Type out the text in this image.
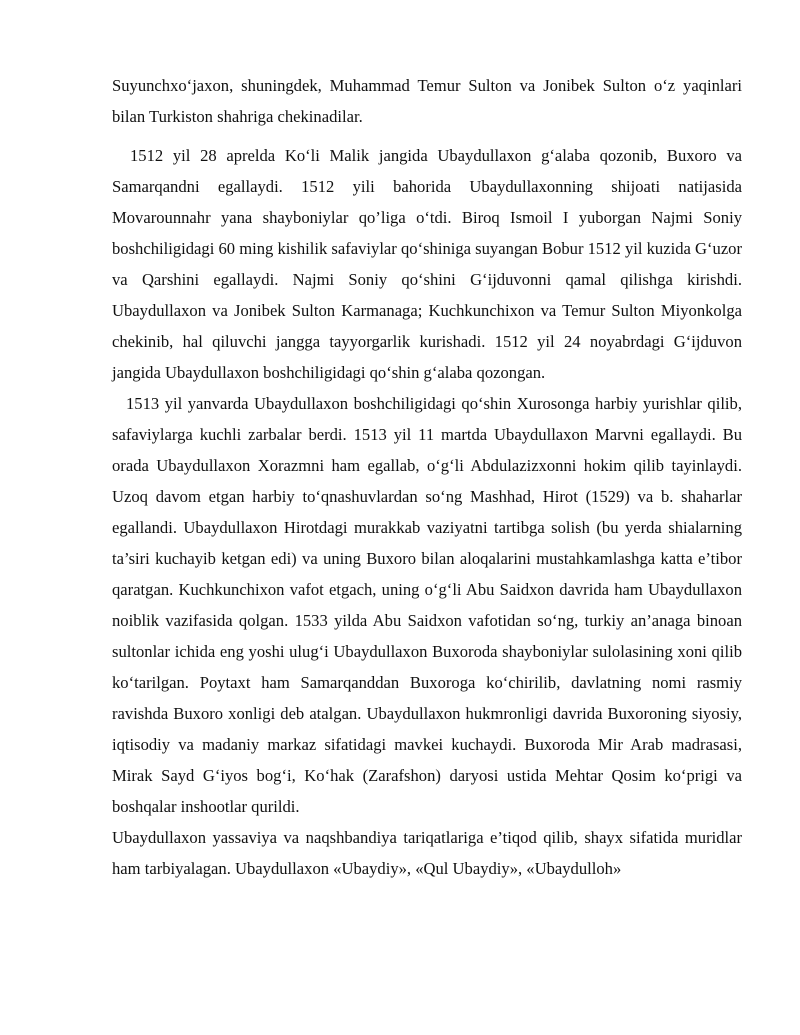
Suyunchxo‘jaxon, shuningdek, Muhammad Temur Sulton va Jonibek Sulton o‘z yaqinlari bilan Turkiston shahriga chekinadilar.

1512 yil 28 aprelda Ko‘li Malik jangida Ubaydullaxon g‘alaba qozonib, Buxoro va Samarqandni egallaydi. 1512 yili bahorida Ubaydullaxonning shijoati natijasida Movarounnahr yana shayboniylar qo’liga o‘tdi. Biroq Ismoil I yuborgan Najmi Soniy boshchiligidagi 60 ming kishilik safaviylar qo‘shiniga suyangan Bobur 1512 yil kuzida G‘uzor va Qarshini egallaydi. Najmi Soniy qo‘shini G‘ijduvonni qamal qilishga kirishdi. Ubaydullaxon va Jonibek Sulton Karmanaga; Kuchkunchixon va Temur Sulton Miyonkolga chekinib, hal qiluvchi jangga tayyorgarlik kurishadi. 1512 yil 24 noyabrdagi G‘ijduvon jangida Ubaydullaxon boshchiligidagi qo‘shin g‘alaba qozongan.

1513 yil yanvarda Ubaydullaxon boshchiligidagi qo‘shin Xurosonga harbiy yurishlar qilib, safaviylarga kuchli zarbalar berdi. 1513 yil 11 martda Ubaydullaxon Marvni egallaydi. Bu orada Ubaydullaxon Xorazmni ham egallab, o‘g‘li Abdulazizxonni hokim qilib tayinlaydi. Uzoq davom etgan harbiy to‘qnashuvlardan so‘ng Mashhad, Hirot (1529) va b. shaharlar egallandi. Ubaydullaxon Hirotdagi murakkab vaziyatni tartibga solish (bu yerda shialarning ta’siri kuchayib ketgan edi) va uning Buxoro bilan aloqalarini mustahkamlashga katta e’tibor qaratgan. Kuchkunchixon vafot etgach, uning o‘g‘li Abu Saidxon davrida ham Ubaydullaxon noiblik vazifasida qolgan. 1533 yilda Abu Saidxon vafotidan so‘ng, turkiy an’anaga binoan sultonlar ichida eng yoshi ulug‘i Ubaydullaxon Buxoroda shayboniylar sulolasining xoni qilib ko‘tarilgan. Poytaxt ham Samarqanddan Buxoroga ko‘chirilib, davlatning nomi rasmiy ravishda Buxoro xonligi deb atalgan. Ubaydullaxon hukmronligi davrida Buxoroning siyosiy, iqtisodiy va madaniy markaz sifatidagi mavkei kuchaydi. Buxoroda Mir Arab madrasasi, Mirak Sayd G‘iyos bog‘i, Ko‘hak (Zarafshon) daryosi ustida Mehtar Qosim ko‘prigi va boshqalar inshootlar qurildi.

Ubaydullaxon yassaviya va naqshbandiya tariqatlariga e’tiqod qilib, shayx sifatida muridlar ham tarbiyalagan. Ubaydullaxon «Ubaydiy», «Qul Ubaydiy», «Ubaydulloh»
